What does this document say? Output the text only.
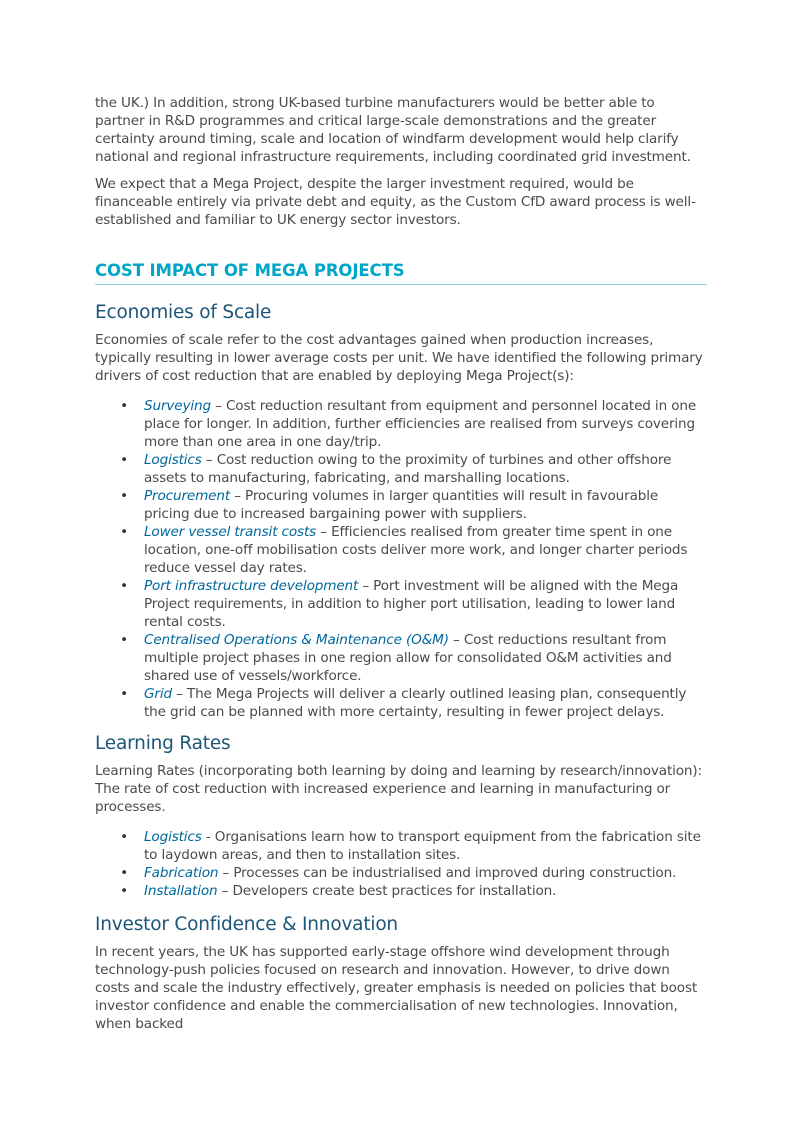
the UK.) In addition, strong UK-based turbine manufacturers would be better able to partner in R&D programmes and critical large-scale demonstrations and the greater certainty around timing, scale and location of windfarm development would help clarify national and regional infrastructure requirements, including coordinated grid investment.

We expect that a Mega Project, despite the larger investment required, would be financeable entirely via private debt and equity, as the Custom CfD award process is well-established and familiar to UK energy sector investors.

COST IMPACT OF MEGA PROJECTS
Economies of Scale

Economies of scale refer to the cost advantages gained when production increases, typically resulting in lower average costs per unit. We have identified the following primary drivers of cost reduction that are enabled by deploying Mega Project(s):

• Surveying – Cost reduction resultant from equipment and personnel located in one place for longer. In addition, further efficiencies are realised from surveys covering more than one area in one day/trip.
• Logistics – Cost reduction owing to the proximity of turbines and other offshore assets to manufacturing, fabricating, and marshalling locations.
• Procurement – Procuring volumes in larger quantities will result in favourable pricing due to increased bargaining power with suppliers.
• Lower vessel transit costs – Efficiencies realised from greater time spent in one location, one-off mobilisation costs deliver more work, and longer charter periods reduce vessel day rates.
• Port infrastructure development – Port investment will be aligned with the Mega Project requirements, in addition to higher port utilisation, leading to lower land rental costs.
• Centralised Operations & Maintenance (O&M) – Cost reductions resultant from multiple project phases in one region allow for consolidated O&M activities and shared use of vessels/workforce.
• Grid – The Mega Projects will deliver a clearly outlined leasing plan, consequently the grid can be planned with more certainty, resulting in fewer project delays.
Learning Rates

Learning Rates (incorporating both learning by doing and learning by research/innovation): The rate of cost reduction with increased experience and learning in manufacturing or processes.

• Logistics - Organisations learn how to transport equipment from the fabrication site to laydown areas, and then to installation sites.
• Fabrication – Processes can be industrialised and improved during construction.
• Installation – Developers create best practices for installation.
Investor Confidence & Innovation

In recent years, the UK has supported early-stage offshore wind development through technology-push policies focused on research and innovation. However, to drive down costs and scale the industry effectively, greater emphasis is needed on policies that boost investor confidence and enable the commercialisation of new technologies. Innovation, when backed
